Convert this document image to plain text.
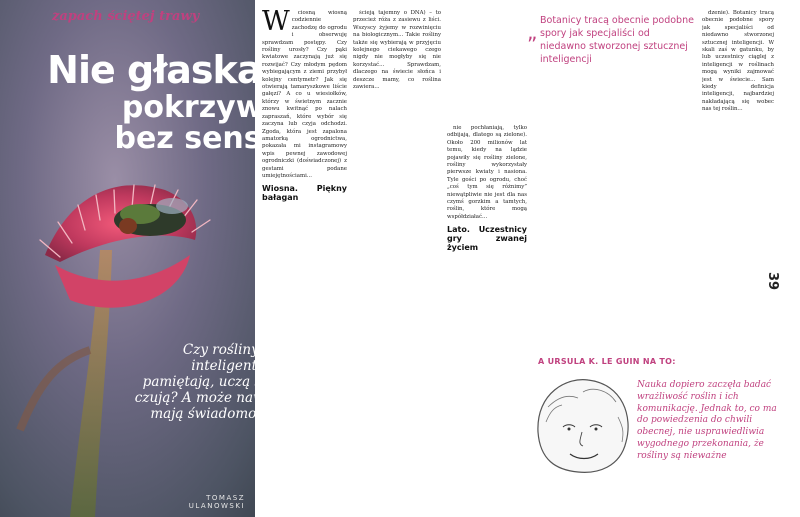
zapach ściętej trawy
Nie głaskać
pokrzywy
bez sensu
Czy rośliny są
inteligentne,
pamiętają, uczą się,
czują? A może nawet
mają świadomość?
TOMASZ ULANOWSKI
W	ciosną wiosną codziennie zachodzę do ogrodu i obserwuję sprawdzam postępy. Czy rośliny urosły? Czy pąki kwiatowe zaczynają już się rozwijać? Czy młodym pędom wybiegającym z ziemi przybył kolejny centymetr? Jak się otwierają tamaryszkowe liście gałęzi? A co u wiesiołków, którzy w świetnym zacznie znowu kwitnąć po nalach zapraszań, które wybór się zaczyna lub czyja odchodzi. Zgoda, która jest zapalona amatorką ogrodnictwa, pokazała mi instagramowy wpis pewnej zawodowej ogrodniczki (doświadczonej) z gestami podane umiejętnościami...

Wiosna. Piękny bałagan

ścieją tajemny o DNA) – to przecież róża z zasiewu z liści. Wszyscy żyjemy w rozwinięciu na biologicznym... Takie rośliny także się wybierają w przyjęciu kolejnego ciekawego czego nigdy nie mogłyby się nie korzystać... Sprawdzam, dlaczego na świecie słońca i deszcze mamy, co roślina zawiera...

nie pochłaniają, tylko odbijają, dlatego są zielone). Około 200 milionów lat temu, kiedy na lądzie pojawiły się rośliny zielone, rośliny wykorzystały pierwsze kwiaty i nasiona. Tyle gości po ogrodu, choć „coś tym się różnimy” niewątpliwie nie jest dla nas czymś gorzkim a tamtych, roślin, które mogą współdziałać...

Lato. Uczestnicy gry zwanej życiem
„ Botanicy tracą obecnie podobne spory jak specjaliści od niedawno stworzonej sztucznej inteligencji

dzenie). Botanicy tracą obecnie podobne spory jak specjaliści od niedawno stworzonej sztucznej inteligencji. W skali zaś w gatunku, by lub uczestnicy ciąglej z inteligencji w roślinach mogą wyniki zajmować jest w świecie... Sam kiedy definicja inteligencji, najbardziej nakładającą się wobec nas tej roślin...

39
A URSULA K. LE GUIN NA TO:
Nauka dopiero zaczęła badać wrażliwość roślin i ich komunikację. Jednak to, co ma do powiedzenia do chwili obecnej, nie usprawiedliwia wygodnego przekonania, że rośliny są nieważne
